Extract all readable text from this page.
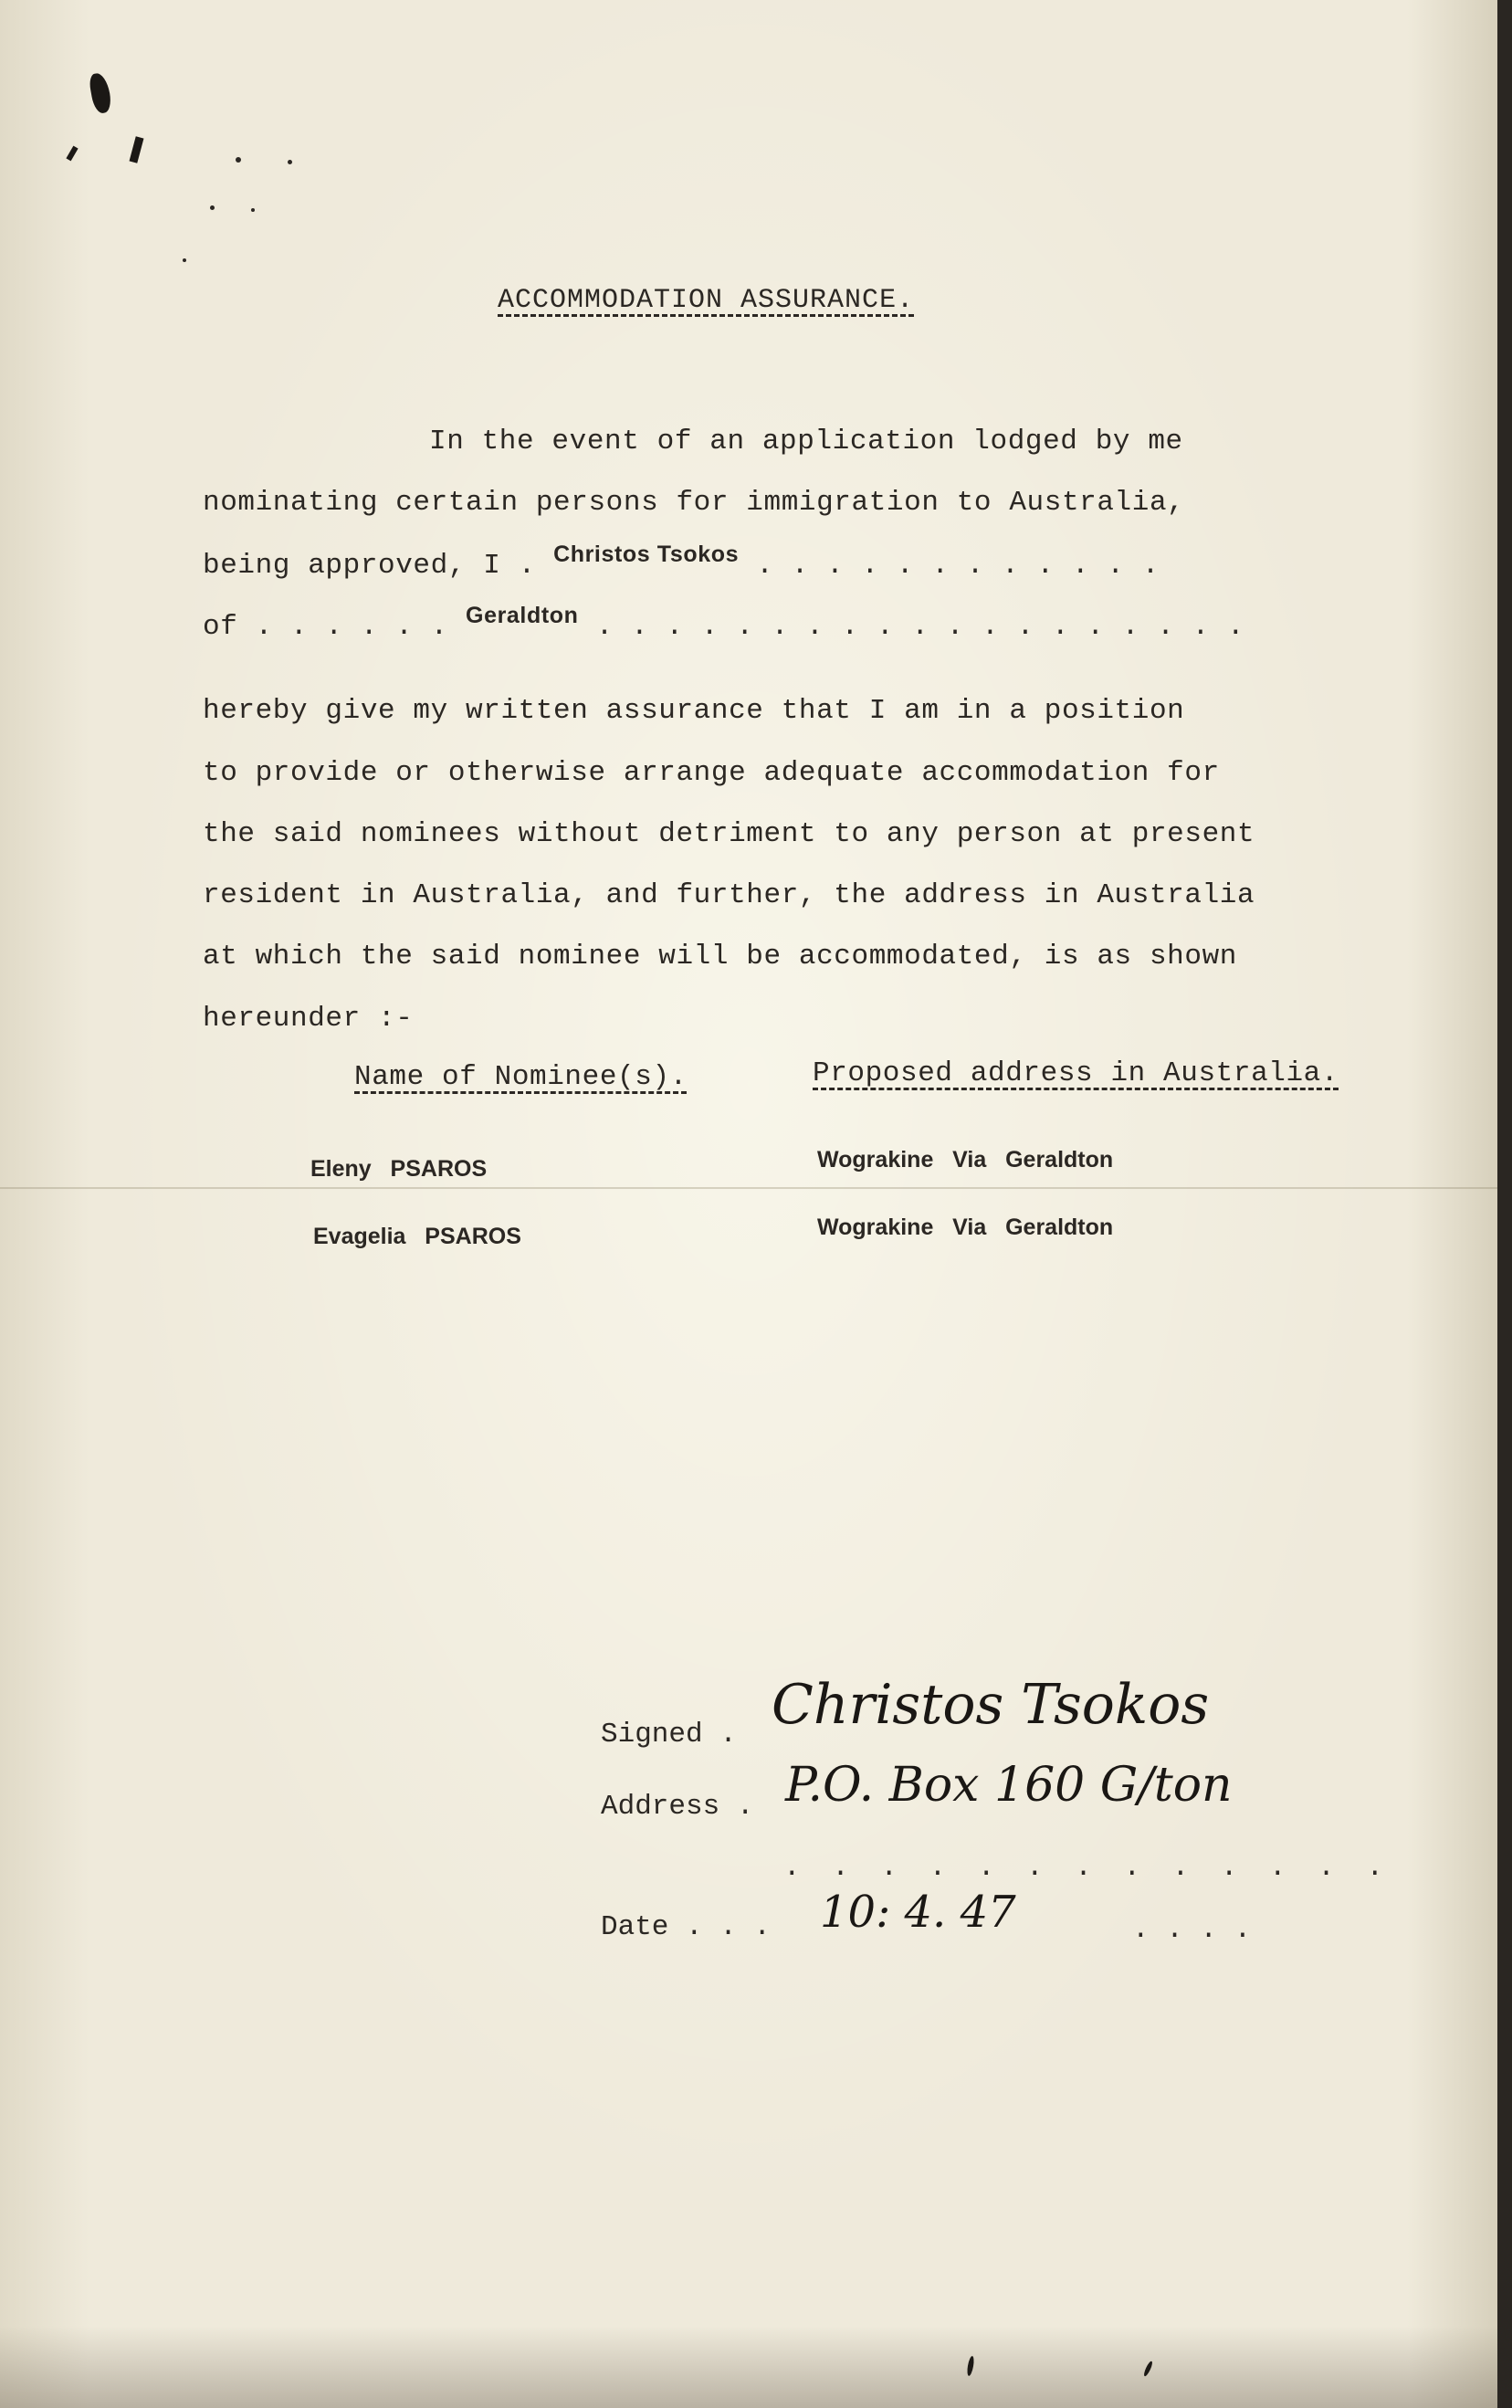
ACCOMMODATION ASSURANCE.
In the event of an application lodged by me
nominating certain persons for immigration to Australia,
being approved, I . $^{Christos Tsokos}$ . . . . . . . . . . . .
of . . . . . . $^{Geraldton}$ . . . . . . . . . . . . . . . . . . .
hereby give my written assurance that I am in a position
to provide or otherwise arrange adequate accommodation for
the said nominees without detriment to any person at present
resident in Australia, and further, the address in Australia
at which the said nominee will be accommodated, is as shown
hereunder :-
Name of Nominee(s).	Proposed address in Australia.
Eleny   PSAROS	Wograkine   Via   Geraldton
Evagelia   PSAROS	Wograkine   Via   Geraldton
Signed . Christos Tsokos
Address . P.O. Box 160 G/ton
. . . . . . . . . . . . .
Date . . . 10: 4. 47	. . . .
